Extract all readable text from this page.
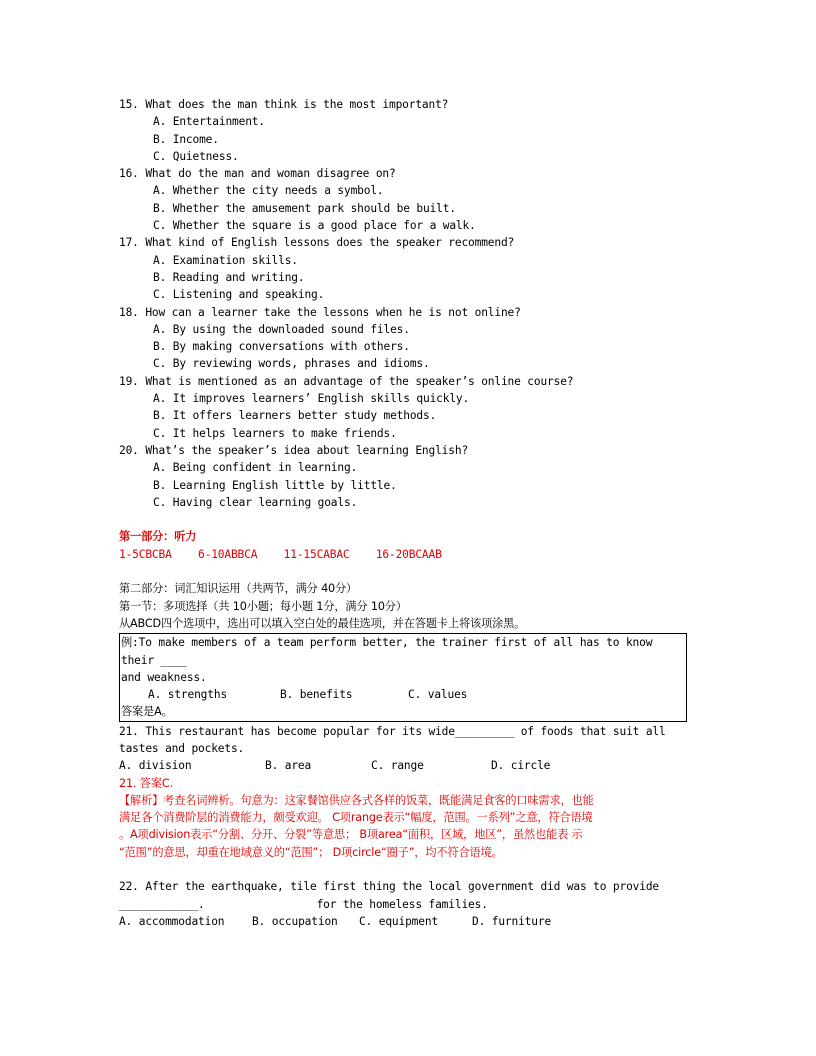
15. What does the man think is the most important?
A. Entertainment.
B. Income.
C. Quietness.
16. What do the man and woman disagree on?
A. Whether the city needs a symbol.
B. Whether the amusement park should be built.
C. Whether the square is a good place for a walk.
17. What kind of English lessons does the speaker recommend?
A. Examination skills.
B. Reading and writing.
C. Listening and speaking.
18. How can a learner take the lessons when he is not online?
A. By using the downloaded sound files.
B. By making conversations with others.
C. By reviewing words, phrases and idioms.
19. What is mentioned as an advantage of the speaker’s online course?
A. It improves learners’ English skills quickly.
B. It offers learners better study methods.
C. It helps learners to make friends.
20. What’s the speaker’s idea about learning English?
A. Being confident in learning.
B. Learning English little by little.
C. Having clear learning goals.
第一部分：听力
1-5CBCBA    6-10ABBCA    11-15CABAC    16-20BCAAB
第二部分：词汇知识运用（共两节，满分 40分）
第一节：多项选择（共 10小题；每小题 1分，满分 10分）
从ABCD四个选项中，选出可以填入空白处的最佳选项，并在答题卡上将该项涂黑。
例:To make members of a team perform better, the trainer first of all has to know
their ____
and weakness.
A. strengths	B. benefits	C. values
答案是A。
21. This restaurant has become popular for its wide_________ of foods that suit all
tastes and pockets.
A. division	B. area	C. range	D. circle
21. 答案C.
【解析】考查名词辨析。句意为：这家餐馆供应各式各样的饭菜，既能满足食客的口味需求，也能
满足各个消费阶层的消费能力，颇受欢迎。 C项range表示“幅度，范围。一系列”之意，符合语境
。A项division表示“分割、分开、分裂”等意思； B项area“面积，区域，地区”，虽然也能表 示
“范围”的意思，却重在地域意义的“范围”； D项circle“圈子”，均不符合语境。
22. After the earthquake, tile first thing the local government did was to provide
____________.                 for the homeless families.
A. accommodation	B. occupation	C. equipment	D. furniture
